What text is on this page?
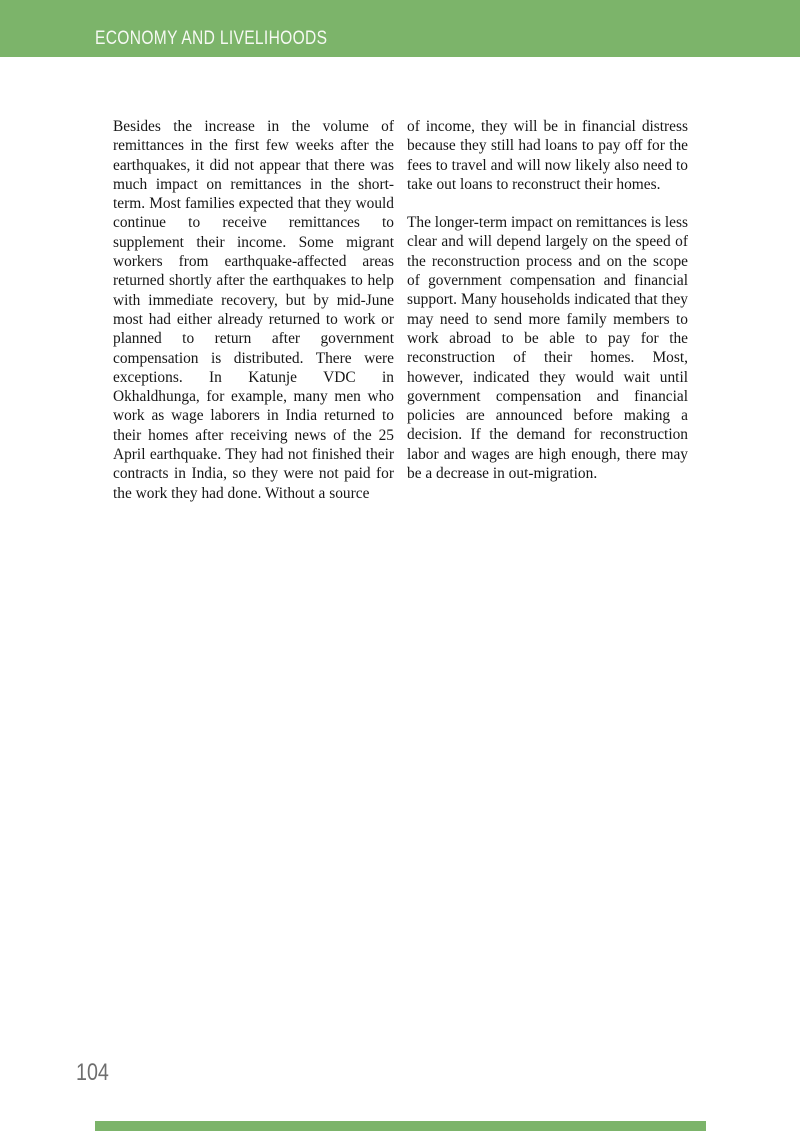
ECONOMY AND LIVELIHOODS

Besides the increase in the volume of remittances in the first few weeks after the earthquakes, it did not appear that there was much impact on remittances in the short-term. Most families expected that they would continue to receive remittances to supplement their income. Some migrant workers from earthquake-affected areas returned shortly after the earthquakes to help with immediate recovery, but by mid-June most had either already returned to work or planned to return after government compensation is distributed. There were exceptions. In Katunje VDC in Okhaldhunga, for example, many men who work as wage laborers in India returned to their homes after receiving news of the 25 April earthquake. They had not finished their contracts in India, so they were not paid for the work they had done. Without a source

of income, they will be in financial distress because they still had loans to pay off for the fees to travel and will now likely also need to take out loans to reconstruct their homes.

The longer-term impact on remittances is less clear and will depend largely on the speed of the reconstruction process and on the scope of government compensation and financial support. Many households indicated that they may need to send more family members to work abroad to be able to pay for the reconstruction of their homes. Most, however, indicated they would wait until government compensation and financial policies are announced before making a decision. If the demand for reconstruction labor and wages are high enough, there may be a decrease in out-migration.

104
